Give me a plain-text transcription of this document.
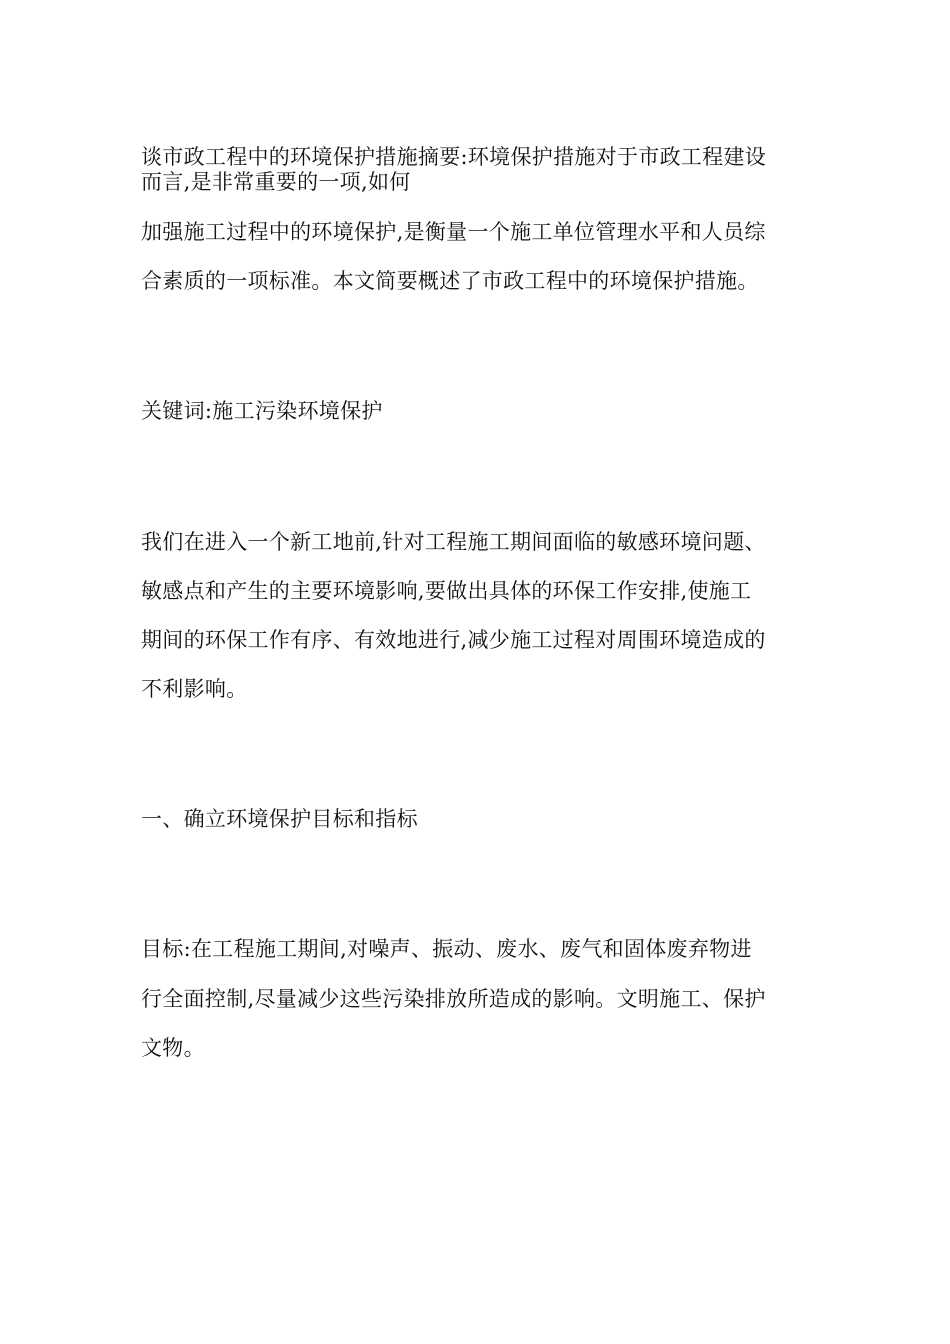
谈市政工程中的环境保护措施摘要:环境保护措施对于市政工程建设
而言,是非常重要的一项,如何
加强施工过程中的环境保护,是衡量一个施工单位管理水平和人员综
合素质的一项标准。本文简要概述了市政工程中的环境保护措施。
关键词:施工污染环境保护
我们在进入一个新工地前,针对工程施工期间面临的敏感环境问题、
敏感点和产生的主要环境影响,要做出具体的环保工作安排,使施工
期间的环保工作有序、有效地进行,减少施工过程对周围环境造成的
不利影响。
一、确立环境保护目标和指标
目标:在工程施工期间,对噪声、振动、废水、废气和固体废弃物进
行全面控制,尽量减少这些污染排放所造成的影响。文明施工、保护
文物。
